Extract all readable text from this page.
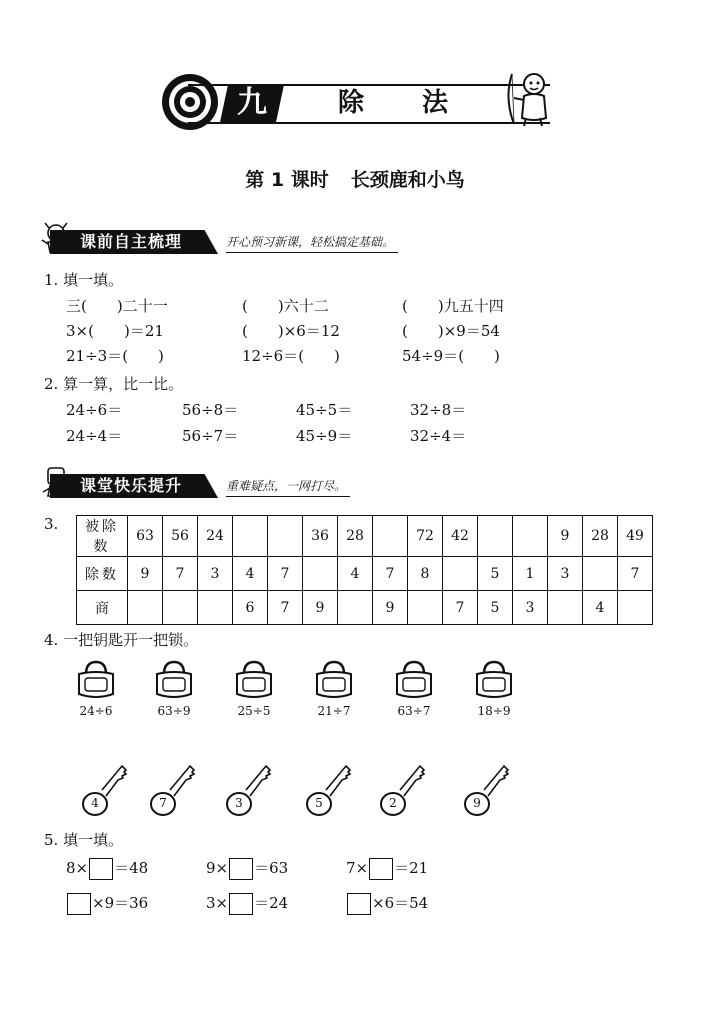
九	除法
第 1 课时 长颈鹿和小鸟
课前自主梳理	开心预习新课，轻松搞定基础。
1. 填一填。
三(　　)二十一	(　　)六十二	(　　)九五十四
3×(　　)＝21	(　　)×6＝12	(　　)×9＝54
21÷3＝(　　)	12÷6＝(　　)	54÷9＝(　　)
2. 算一算，比一比。
24÷6＝	56÷8＝	45÷5＝	32÷8＝
24÷4＝	56÷7＝	45÷9＝	32÷4＝
课堂快乐提升	重难疑点，一网打尽。
3. 被除数	63	56	24			36	28		72	42			9	28	49
除数	9	7	3	4	7		4	7	8		5	1	3		7
商				6	7	9		9		7	5	3		4	
4. 一把钥匙开一把锁。
24÷6	63÷9	25÷5	21÷7	63÷7	18÷9
4	7	3	5	2	9
5. 填一填。
8× ＝48	9× ＝63	7× ＝21
×9＝36	3× ＝24	×6＝54
